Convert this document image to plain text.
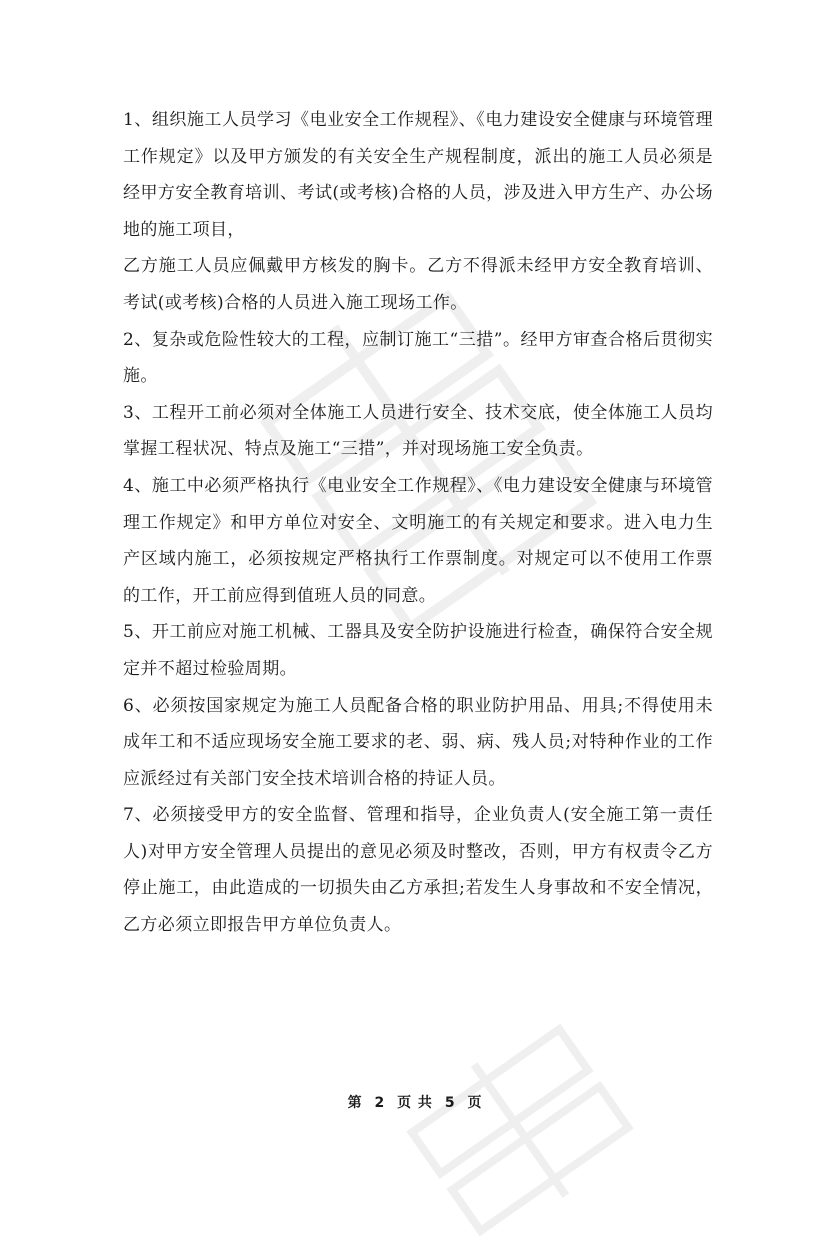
1、组织施工人员学习《电业安全工作规程》、《电力建设安全健康与环境管理工作规定》以及甲方颁发的有关安全生产规程制度，派出的施工人员必须是经甲方安全教育培训、考试(或考核)合格的人员，涉及进入甲方生产、办公场地的施工项目，

乙方施工人员应佩戴甲方核发的胸卡。乙方不得派未经甲方安全教育培训、考试(或考核)合格的人员进入施工现场工作。

2、复杂或危险性较大的工程，应制订施工“三措”。经甲方审查合格后贯彻实施。

3、工程开工前必须对全体施工人员进行安全、技术交底，使全体施工人员均掌握工程状况、特点及施工“三措”，并对现场施工安全负责。

4、施工中必须严格执行《电业安全工作规程》、《电力建设安全健康与环境管理工作规定》和甲方单位对安全、文明施工的有关规定和要求。进入电力生产区域内施工，必须按规定严格执行工作票制度。对规定可以不使用工作票的工作，开工前应得到值班人员的同意。

5、开工前应对施工机械、工器具及安全防护设施进行检查，确保符合安全规定并不超过检验周期。

6、必须按国家规定为施工人员配备合格的职业防护用品、用具;不得使用未成年工和不适应现场安全施工要求的老、弱、病、残人员;对特种作业的工作应派经过有关部门安全技术培训合格的持证人员。

7、必须接受甲方的安全监督、管理和指导，企业负责人(安全施工第一责任人)对甲方安全管理人员提出的意见必须及时整改，否则，甲方有权责令乙方停止施工，由此造成的一切损失由乙方承担;若发生人身事故和不安全情况，乙方必须立即报告甲方单位负责人。

第 2 页 共 5 页
